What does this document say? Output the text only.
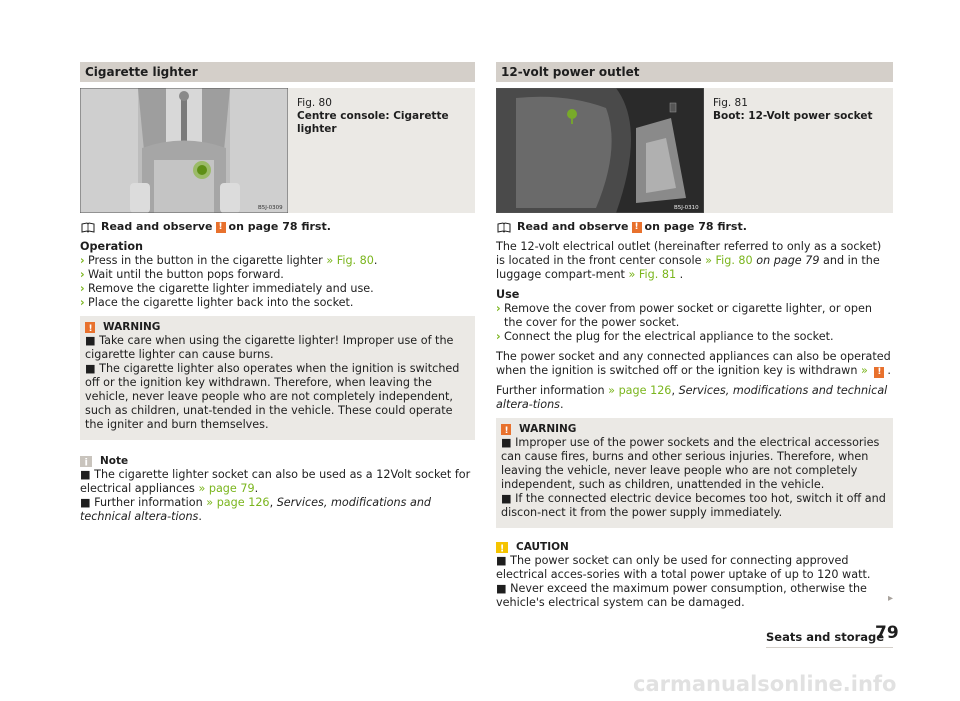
Cigarette lighter
B5J-0309
Fig. 80
Centre console: Cigarette lighter
Read and observe ! on page 78 first.
Operation
› Press in the button in the cigarette lighter » Fig. 80.
› Wait until the button pops forward.
› Remove the cigarette lighter immediately and use.
› Place the cigarette lighter back into the socket.
! WARNING

■ Take care when using the cigarette lighter! Improper use of the cigarette lighter can cause burns.

■ The cigarette lighter also operates when the ignition is switched off or the ignition key withdrawn. Therefore, when leaving the vehicle, never leave people who are not completely independent, such as children, unat-tended in the vehicle. These could operate the igniter and burn themselves.

i Note

■ The cigarette lighter socket can also be used as a 12Volt socket for electrical appliances » page 79.

■ Further information » page 126, Services, modifications and technical altera-tions.

12-volt power outlet
B5J-0310
Fig. 81
Boot: 12-Volt power socket
Read and observe ! on page 78 first.

The 12-volt electrical outlet (hereinafter referred to only as a socket) is located in the front center console » Fig. 80 on page 79 and in the luggage compart-ment » Fig. 81 .

Use
› Remove the cover from power socket or cigarette lighter, or open the cover for the power socket.
› Connect the plug for the electrical appliance to the socket.

The power socket and any connected appliances can also be operated when the ignition is switched off or the ignition key is withdrawn » ! .

Further information » page 126, Services, modifications and technical altera-tions.

! WARNING

■ Improper use of the power sockets and the electrical accessories can cause fires, burns and other serious injuries. Therefore, when leaving the vehicle, never leave people who are not completely independent, such as children, unattended in the vehicle.

■ If the connected electric device becomes too hot, switch it off and discon-nect it from the power supply immediately.

! CAUTION

■ The power socket can only be used for connecting approved electrical acces-sories with a total power uptake of up to 120 watt.

■ Never exceed the maximum power consumption, otherwise the vehicle's electrical system can be damaged.	▸
Seats and storage
79
carmanualsonline.info
